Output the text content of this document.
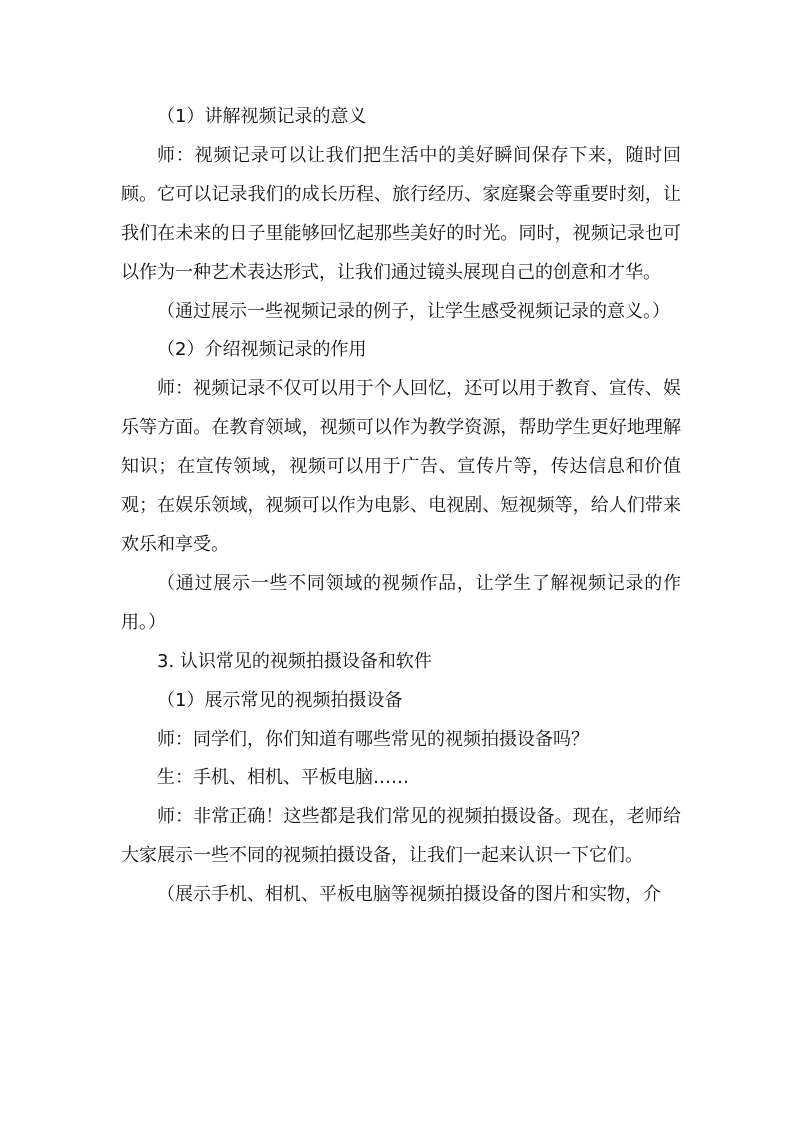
（1）讲解视频记录的意义

师：视频记录可以让我们把生活中的美好瞬间保存下来，随时回顾。它可以记录我们的成长历程、旅行经历、家庭聚会等重要时刻，让我们在未来的日子里能够回忆起那些美好的时光。同时，视频记录也可以作为一种艺术表达形式，让我们通过镜头展现自己的创意和才华。

（通过展示一些视频记录的例子，让学生感受视频记录的意义。）

（2）介绍视频记录的作用

师：视频记录不仅可以用于个人回忆，还可以用于教育、宣传、娱乐等方面。在教育领域，视频可以作为教学资源，帮助学生更好地理解知识；在宣传领域，视频可以用于广告、宣传片等，传达信息和价值观；在娱乐领域，视频可以作为电影、电视剧、短视频等，给人们带来欢乐和享受。

（通过展示一些不同领域的视频作品，让学生了解视频记录的作用。）

3. 认识常见的视频拍摄设备和软件

（1）展示常见的视频拍摄设备

师：同学们，你们知道有哪些常见的视频拍摄设备吗？

生：手机、相机、平板电脑……

师：非常正确！这些都是我们常见的视频拍摄设备。现在，老师给大家展示一些不同的视频拍摄设备，让我们一起来认识一下它们。

（展示手机、相机、平板电脑等视频拍摄设备的图片和实物，介
